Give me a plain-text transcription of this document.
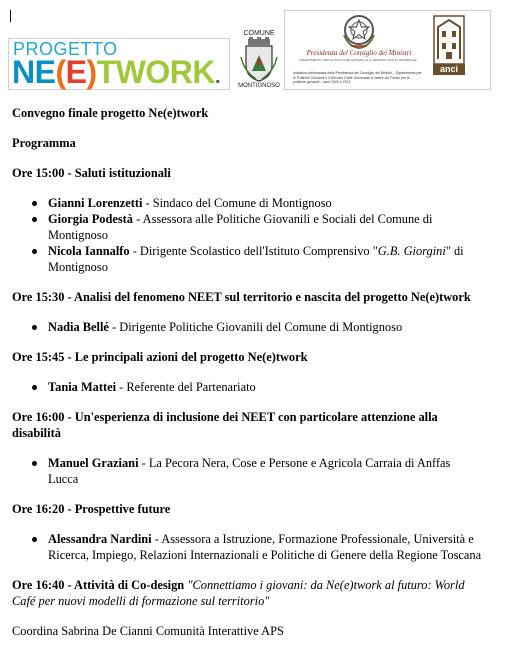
PROGETTO
NE(E)TWORK.
COMUNE
MONTIGNOSO
Presidenza del Consiglio dei Ministri
DIPARTIMENTO PER LE POLITICHE GIOVANILI E IL SERVIZIO CIVILE UNIVERSALE
Iniziativa cofinanziata dalla Presidenza del Consiglio dei Ministri – Dipartimento per le Politiche Giovanili e il Servizio Civile Universale a valere sul Fondo per le politiche giovanili – anni 2020 e 2021
anci

Convegno finale progetto Ne(e)twork

Programma

Ore 15:00 - Saluti istituzionali

Gianni Lorenzetti - Sindaco del Comune di Montignoso
Giorgia Podestà - Assessora alle Politiche Giovanili e Sociali del Comune di Montignoso
Nicola Iannalfo - Dirigente Scolastico dell'Istituto Comprensivo "G.B. Giorgini" di Montignoso

Ore 15:30 - Analisi del fenomeno NEET sul territorio e nascita del progetto Ne(e)twork

Nadia Bellé - Dirigente Politiche Giovanili del Comune di Montignoso

Ore 15:45 - Le principali azioni del progetto Ne(e)twork

Tania Mattei - Referente del Partenariato

Ore 16:00 - Un'esperienza di inclusione dei NEET con particolare attenzione alla disabilità

Manuel Graziani - La Pecora Nera, Cose e Persone e Agricola Carraia di Anffas Lucca

Ore 16:20 - Prospettive future

Alessandra Nardini - Assessora a Istruzione, Formazione Professionale, Università e Ricerca, Impiego, Relazioni Internazionali e Politiche di Genere della Regione Toscana

Ore 16:40 - Attività di Co-design "Connettiamo i giovani: da Ne(e)twork al futuro: World Café per nuovi modelli di formazione sul territorio"

Coordina Sabrina De Cianni Comunità Interattive APS
